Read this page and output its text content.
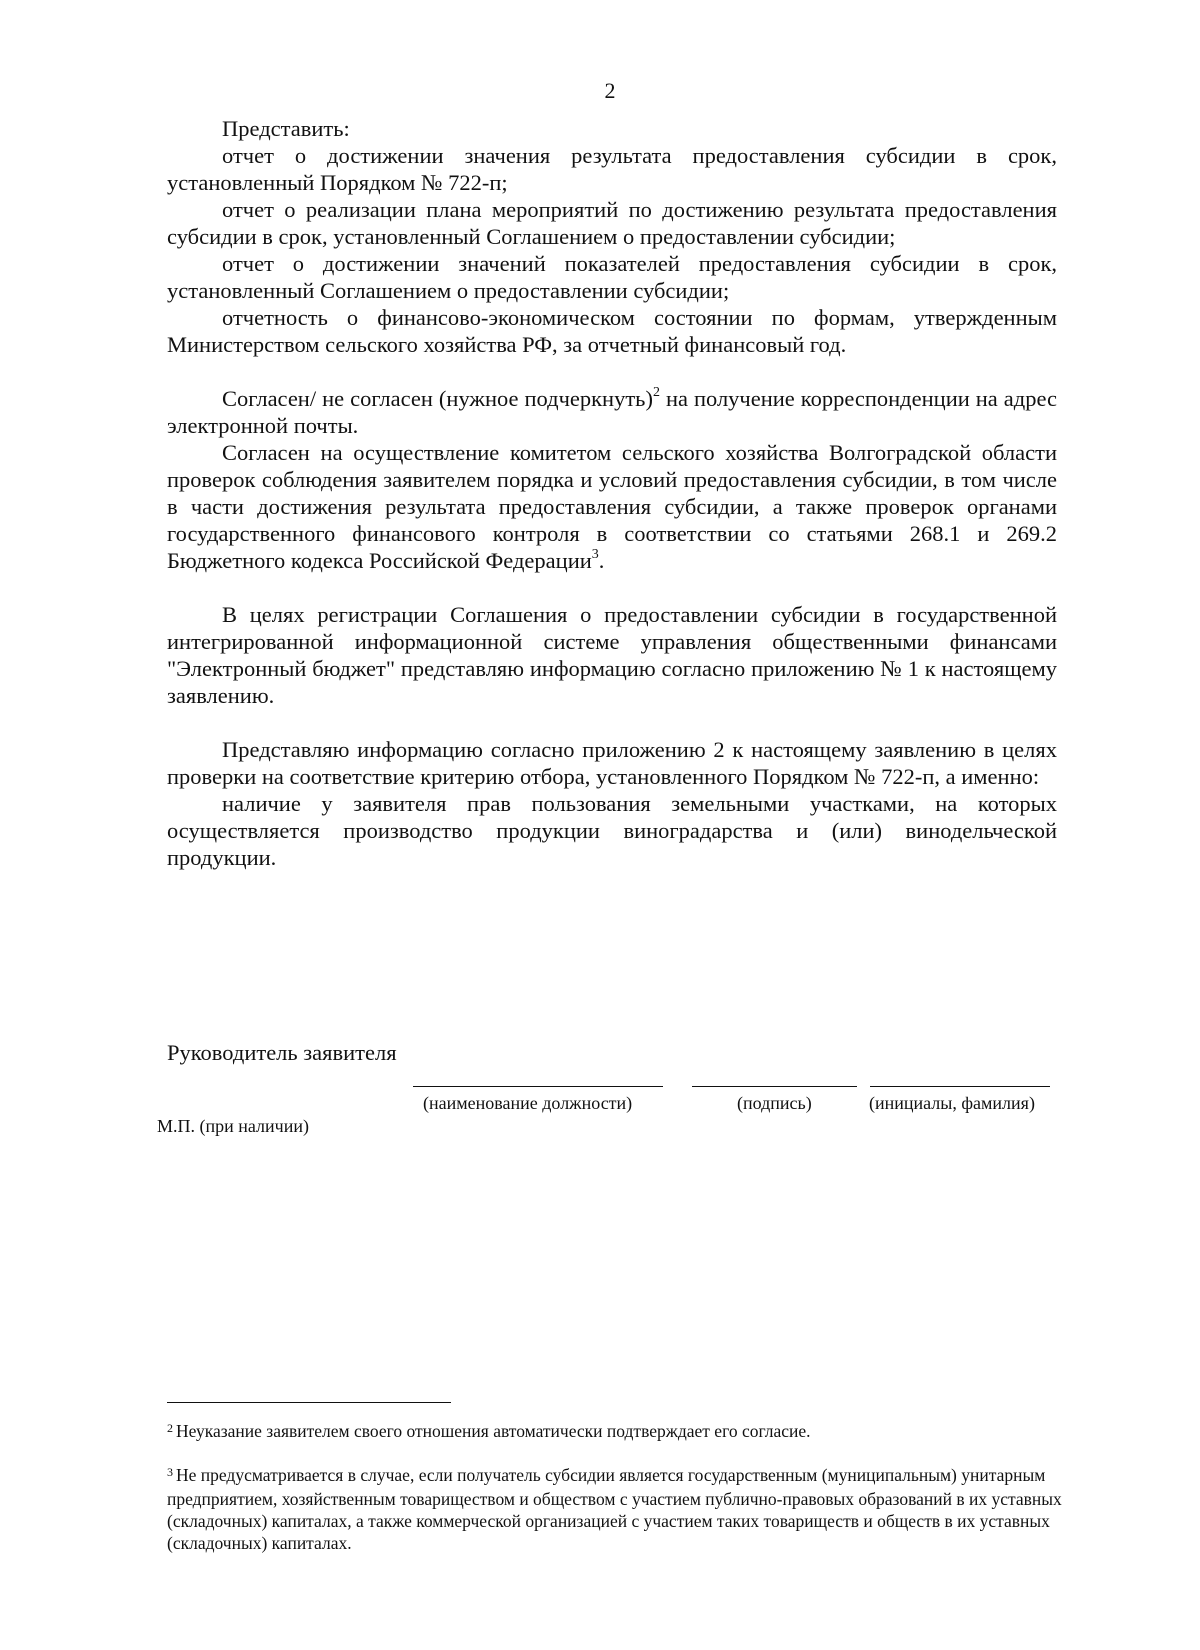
2

Представить:

отчет о достижении значения результата предоставления субсидии в срок, установленный Порядком № 722-п;

отчет о реализации плана мероприятий по достижению результата предоставления субсидии в срок, установленный Соглашением о предоставлении субсидии;

отчет о достижении значений показателей предоставления субсидии в срок, установленный Соглашением о предоставлении субсидии;

отчетность о финансово-экономическом состоянии по формам, утвержденным Министерством сельского хозяйства РФ, за отчетный финансовый год.

Согласен/ не согласен (нужное подчеркнуть)$^2$ на получение корреспонденции на адрес электронной почты.

Согласен на осуществление комитетом сельского хозяйства Волгоградской области проверок соблюдения заявителем порядка и условий предоставления субсидии, в том числе в части достижения результата предоставления субсидии, а также проверок органами государственного финансового контроля в соответствии со статьями 268.1 и 269.2 Бюджетного кодекса Российской Федерации$^3$.

В целях регистрации Соглашения о предоставлении субсидии в государственной интегрированной информационной системе управления общественными финансами "Электронный бюджет" представляю информацию согласно приложению № 1 к настоящему заявлению.

Представляю информацию согласно приложению 2 к настоящему заявлению в целях проверки на соответствие критерию отбора, установленного Порядком № 722-п, а именно:

наличие у заявителя прав пользования земельными участками, на которых осуществляется производство продукции виноградарства и (или) винодельческой продукции.

Руководитель заявителя
(наименование должности)	(подпись)	(инициалы, фамилия)
М.П. (при наличии)

$^2$ Неуказание заявителем своего отношения автоматически подтверждает его согласие.

$^3$ Не предусматривается в случае, если получатель субсидии является государственным (муниципальным) унитарным предприятием, хозяйственным товариществом и обществом с участием публично-правовых образований в их уставных (складочных) капиталах, а также коммерческой организацией с участием таких товариществ и обществ в их уставных (складочных) капиталах.
